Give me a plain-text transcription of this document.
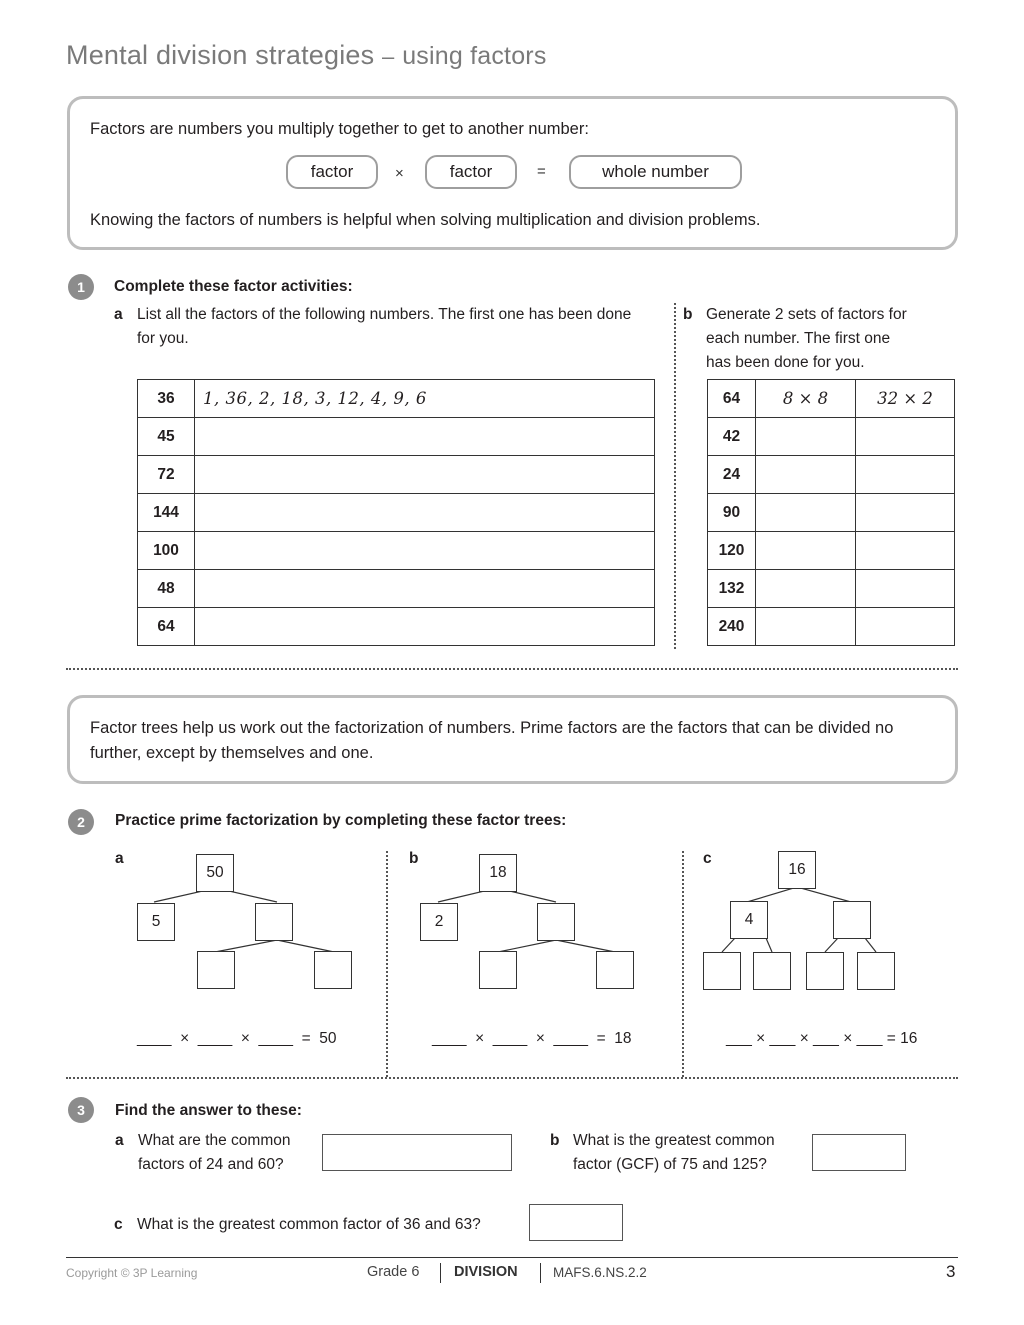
Mental division strategies – using factors

Factors are numbers you multiply together to get to another number:

factor	×	factor	=	whole number

Knowing the factors of numbers is helpful when solving multiplication and division problems.

1	Complete these factor activities:
a List all the factors of the following numbers. The first one has been done for you.
36	1, 36, 2, 18, 3, 12, 4, 9, 6
45	
72	
144	
100	
48	
64	
b Generate 2 sets of factors for each number. The first one has been done for you.
64	8 × 8	32 × 2
42		
24		
90		
120		
132		
240		

Factor trees help us work out the factorization of numbers. Prime factors are the factors that can be divided no further, except by themselves and one.

2	Practice prime factorization by completing these factor trees:
a
50
5
____  ×  ____  ×  ____  =  50
b
18
2
____  ×  ____  ×  ____  =  18
c
16
4
___ × ___ × ___ × ___ = 16
3	Find the answer to these:
a What are the common factors of 24 and 60?
b What is the greatest common factor (GCF) of 75 and 125?
c What is the greatest common factor of 36 and 63?
Copyright © 3P Learning	Grade 6 DIVISION	MAFS.6.NS.2.2	3
